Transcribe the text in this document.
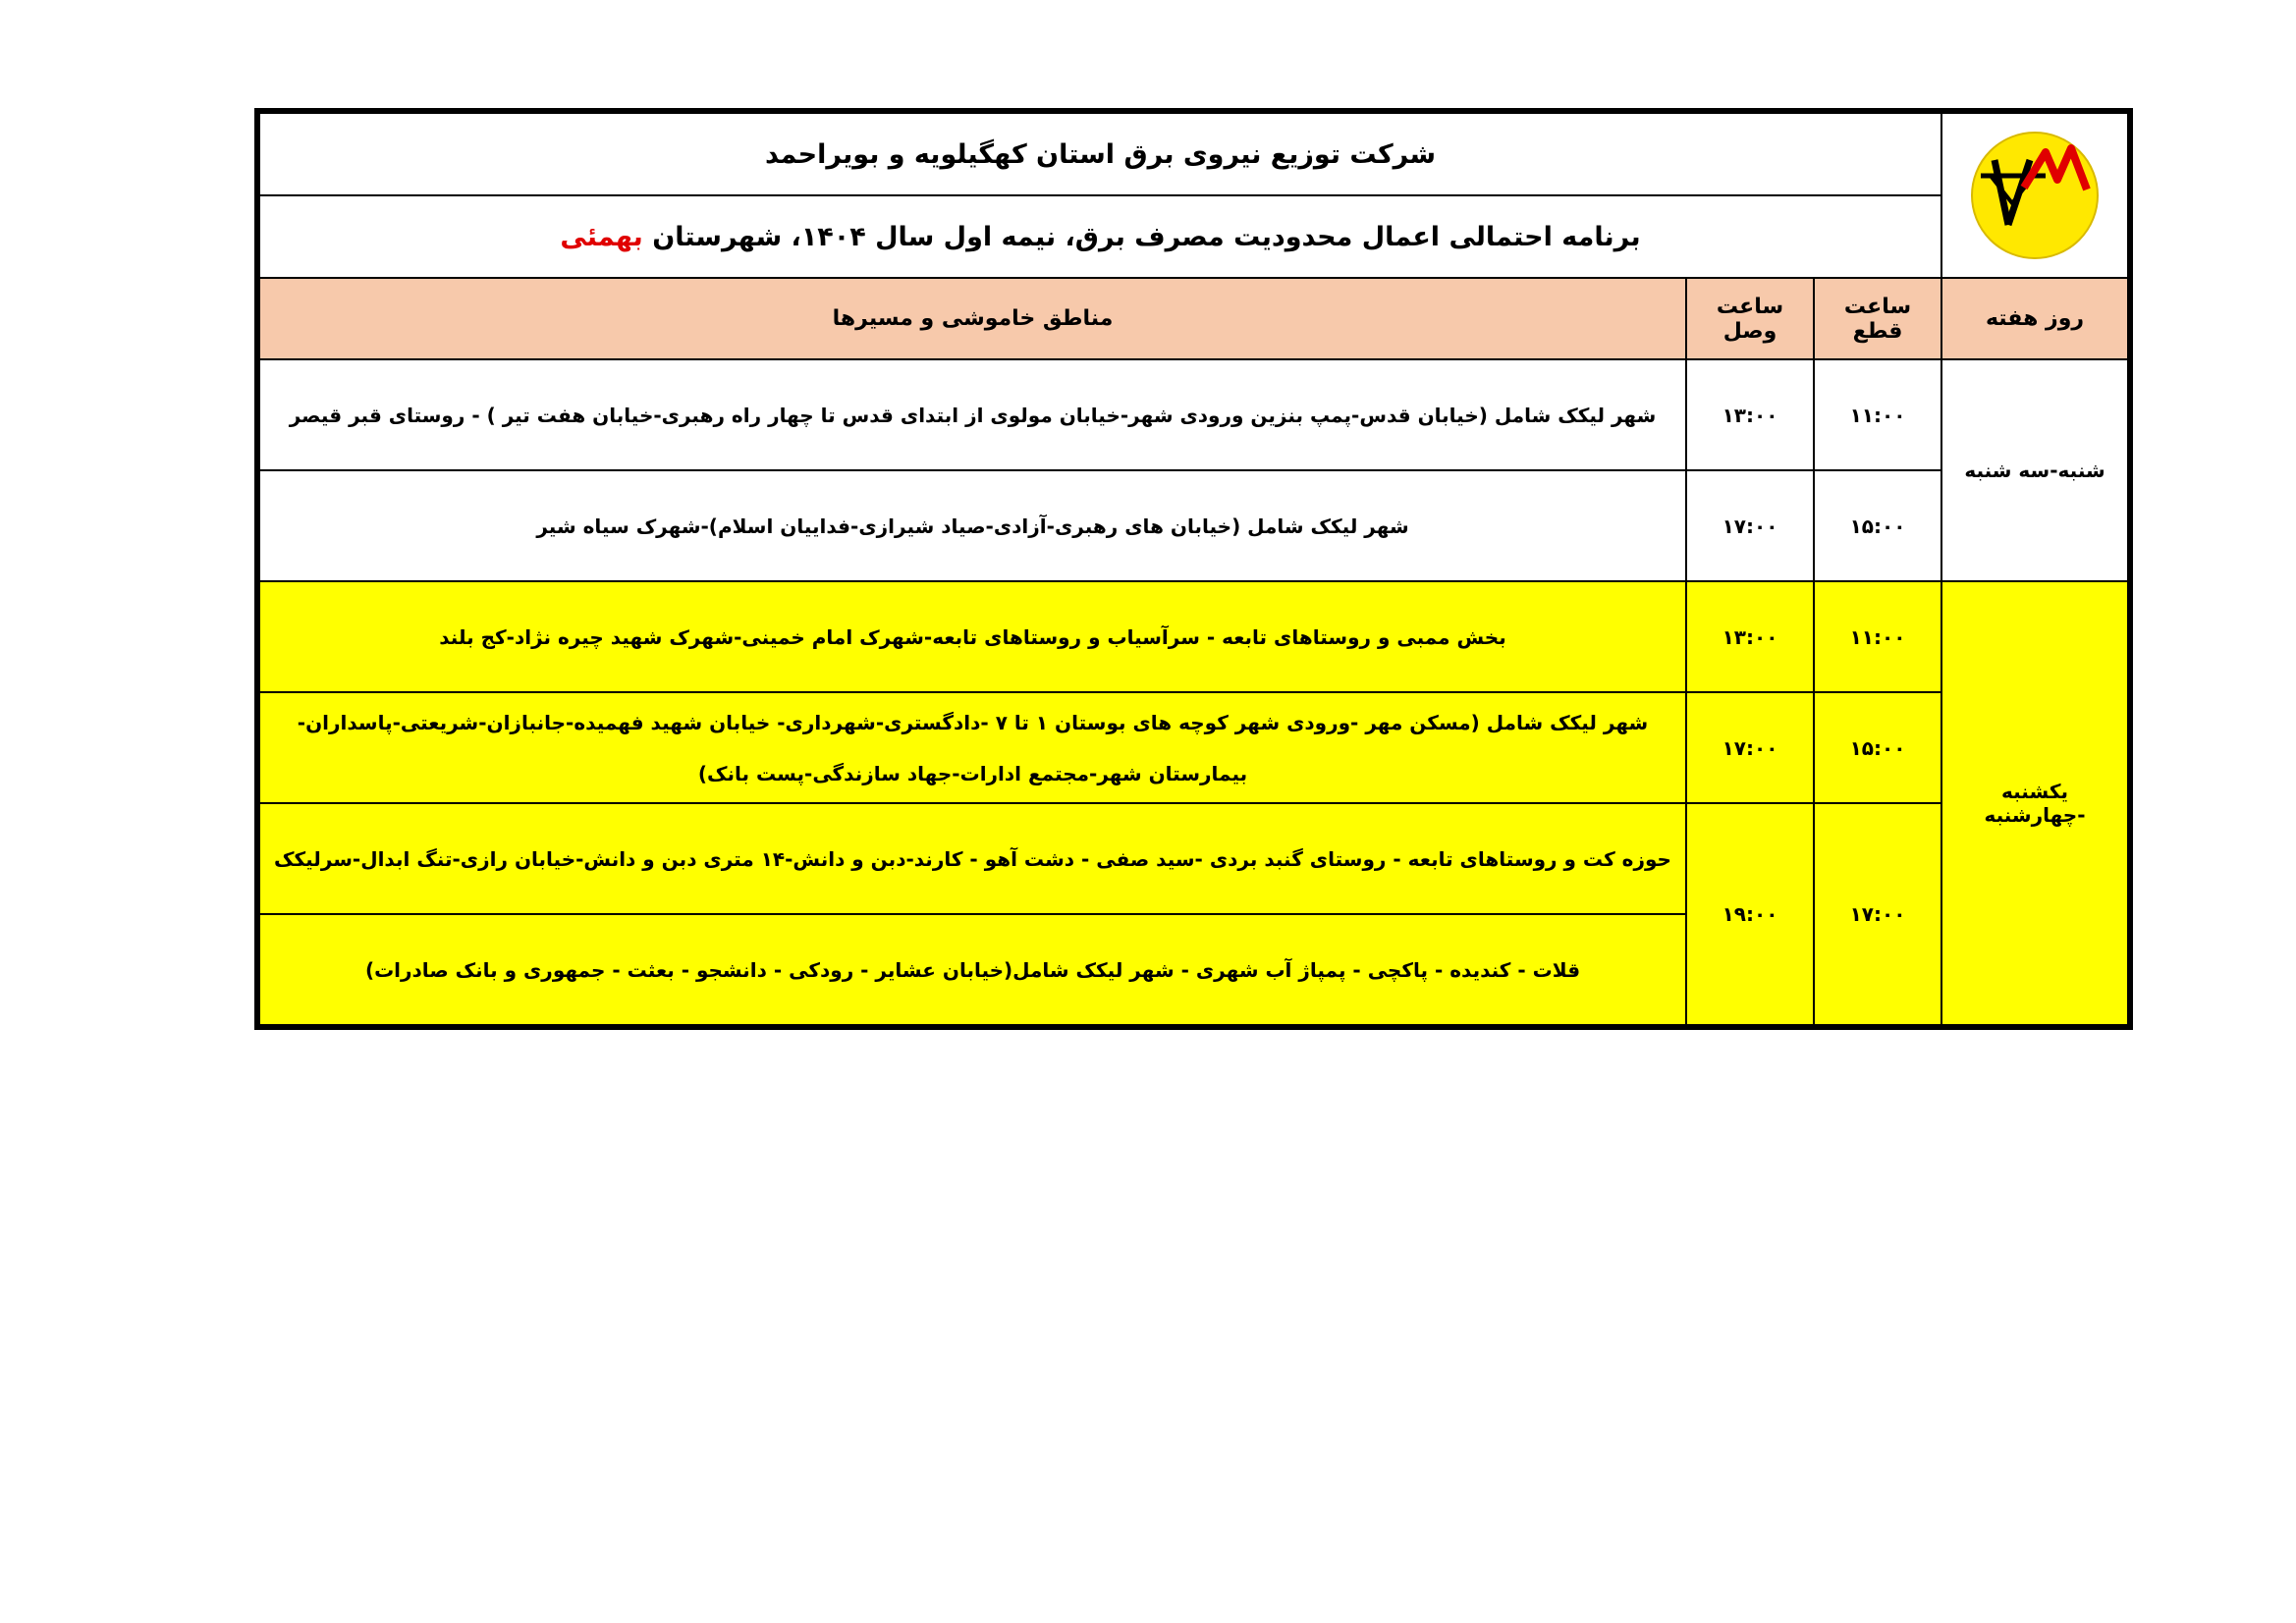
	شرکت توزیع نیروی برق استان کهگیلویه و بویراحمد		
	برنامه احتمالی اعمال محدودیت مصرف برق، نیمه اول سال ۱۴۰۴، شهرستان بهمئی		
روز هفته	ساعت قطع	ساعت وصل	مناطق خاموشی و مسیرها
شنبه-سه شنبه	۱۱:۰۰	۱۳:۰۰	شهر لیکک شامل (خیابان قدس-پمپ بنزین ورودی شهر-خیابان مولوی از ابتدای قدس تا چهار راه رهبری-خیابان هفت تیر ) - روستای قبر قیصر
	۱۵:۰۰	۱۷:۰۰	شهر لیکک شامل (خیابان های رهبری-آزادی-صیاد شیرازی-فداییان اسلام)-شهرک سیاه شیر
یکشنبه -چهارشنبه	۱۱:۰۰	۱۳:۰۰	بخش ممبی و روستاهای تابعه - سرآسیاب و روستاهای تابعه-شهرک امام خمینی-شهرک شهید چیره نژاد-کج بلند
	۱۵:۰۰	۱۷:۰۰	شهر لیکک شامل (مسکن مهر -ورودی شهر کوچه های بوستان ۱ تا ۷ -دادگستری-شهرداری- خیابان شهید فهمیده-جانبازان-شریعتی-پاسداران-بیمارستان شهر-مجتمع ادارات-جهاد سازندگی-پست بانک)
	۱۷:۰۰	۱۹:۰۰	حوزه کت و روستاهای تابعه - روستای گنبد بردی -سید صفی - دشت آهو - کارند-دبن و دانش-۱۴ متری دبن و دانش-خیابان رازی-تنگ ابدال-سرلیکک
			قلات - کندیده - پاکچی - پمپاژ آب شهری - شهر لیکک شامل(خیابان عشایر - رودکی - دانشجو - بعثت - جمهوری و بانک صادرات)
